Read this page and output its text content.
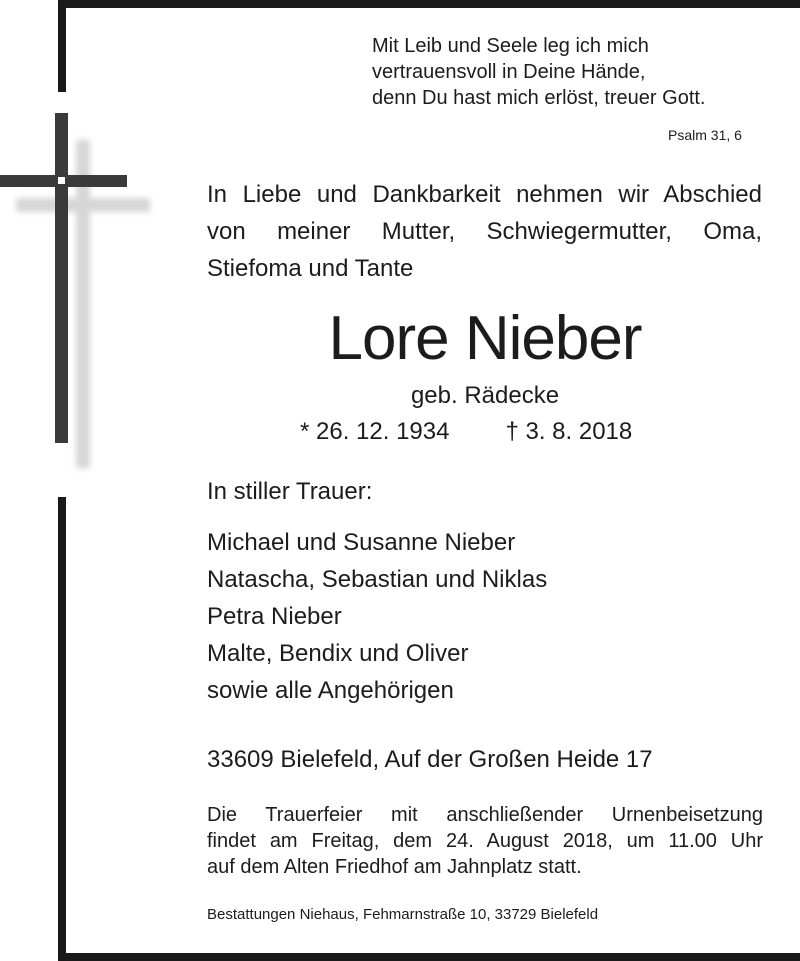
Mit Leib und Seele leg ich mich
vertrauensvoll in Deine Hände,
denn Du hast mich erlöst, treuer Gott.
Psalm 31, 6
In Liebe und Dankbarkeit nehmen wir Abschied
von meiner Mutter, Schwiegermutter, Oma,
Stiefoma und Tante
Lore Nieber
geb. Rädecke
* 26. 12. 1934 † 3. 8. 2018
In stiller Trauer:
Michael und Susanne Nieber
Natascha, Sebastian und Niklas
Petra Nieber
Malte, Bendix und Oliver
sowie alle Angehörigen
33609 Bielefeld, Auf der Großen Heide 17
Die Trauerfeier mit anschließender Urnenbeisetzung
findet am Freitag, dem 24. August 2018, um 11.00 Uhr
auf dem Alten Friedhof am Jahnplatz statt.
Bestattungen Niehaus, Fehmarnstraße 10, 33729 Bielefeld
